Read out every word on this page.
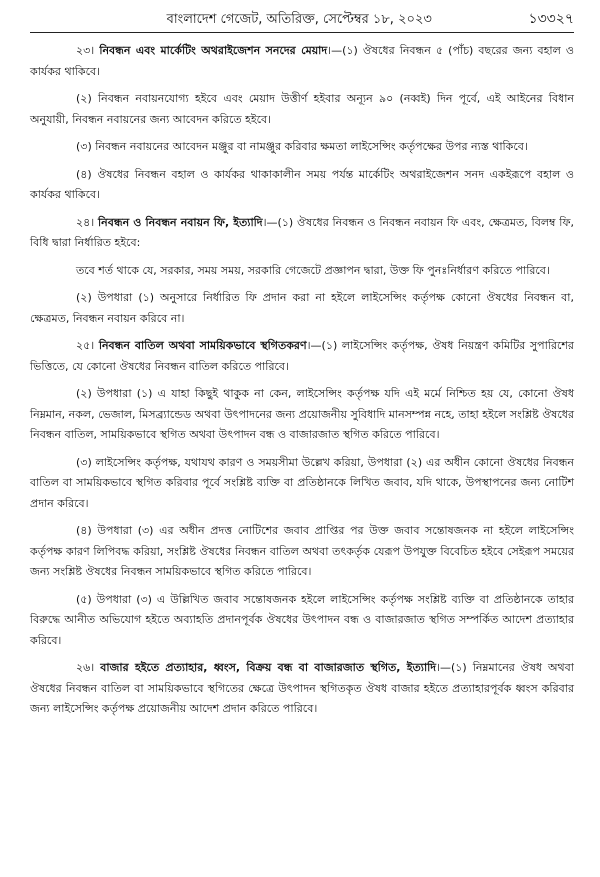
বাংলাদেশ গেজেট, অতিরিক্ত, সেপ্টেম্বর ১৮, ২০২৩	১৩৩২৭

২৩। নিবন্ধন এবং মার্কেটিং অথরাইজেশন সনদের মেয়াদ।—(১) ঔষধের নিবন্ধন ৫ (পাঁচ) বছরের জন্য বহাল ও কার্যকর থাকিবে।

(২) নিবন্ধন নবায়নযোগ্য হইবে এবং মেয়াদ উত্তীর্ণ হইবার অন্যূন ৯০ (নব্বই) দিন পূর্বে, এই আইনের বিধান অনুযায়ী, নিবন্ধন নবায়নের জন্য আবেদন করিতে হইবে।

(৩) নিবন্ধন নবায়নের আবেদন মঞ্জুর বা নামঞ্জুর করিবার ক্ষমতা লাইসেন্সিং কর্তৃপক্ষের উপর ন্যস্ত থাকিবে।

(৪) ঔষধের নিবন্ধন বহাল ও কার্যকর থাকাকালীন সময় পর্যন্ত মার্কেটিং অথরাইজেশন সনদ একইরূপে বহাল ও কার্যকর থাকিবে।

২৪। নিবন্ধন ও নিবন্ধন নবায়ন ফি, ইত্যাদি।—(১) ঔষধের নিবন্ধন ও নিবন্ধন নবায়ন ফি এবং, ক্ষেত্রমত, বিলম্ব ফি, বিধি দ্বারা নির্ধারিত হইবে:

তবে শর্ত থাকে যে, সরকার, সময় সময়, সরকারি গেজেটে প্রজ্ঞাপন দ্বারা, উক্ত ফি পুনঃনির্ধারণ করিতে পারিবে।

(২) উপধারা (১) অনুসারে নির্ধারিত ফি প্রদান করা না হইলে লাইসেন্সিং কর্তৃপক্ষ কোনো ঔষধের নিবন্ধন বা, ক্ষেত্রমত, নিবন্ধন নবায়ন করিবে না।

২৫। নিবন্ধন বাতিল অথবা সাময়িকভাবে স্থগিতকরণ।—(১) লাইসেন্সিং কর্তৃপক্ষ, ঔষধ নিয়ন্ত্রণ কমিটির সুপারিশের ভিত্তিতে, যে কোনো ঔষধের নিবন্ধন বাতিল করিতে পারিবে।

(২) উপধারা (১) এ যাহা কিছুই থাকুক না কেন, লাইসেন্সিং কর্তৃপক্ষ যদি এই মর্মে নিশ্চিত হয় যে, কোনো ঔষধ নিম্নমান, নকল, ভেজাল, মিসব্র্যান্ডেড অথবা উৎপাদনের জন্য প্রয়োজনীয় সুবিধাদি মানসম্পন্ন নহে, তাহা হইলে সংশ্লিষ্ট ঔষধের নিবন্ধন বাতিল, সাময়িকভাবে স্থগিত অথবা উৎপাদন বন্ধ ও বাজারজাত স্থগিত করিতে পারিবে।

(৩) লাইসেন্সিং কর্তৃপক্ষ, যথাযথ কারণ ও সময়সীমা উল্লেখ করিয়া, উপধারা (২) এর অধীন কোনো ঔষধের নিবন্ধন বাতিল বা সাময়িকভাবে স্থগিত করিবার পূর্বে সংশ্লিষ্ট ব্যক্তি বা প্রতিষ্ঠানকে লিখিত জবাব, যদি থাকে, উপস্থাপনের জন্য নোটিশ প্রদান করিবে।

(৪) উপধারা (৩) এর অধীন প্রদত্ত নোটিশের জবাব প্রাপ্তির পর উক্ত জবাব সন্তোষজনক না হইলে লাইসেন্সিং কর্তৃপক্ষ কারণ লিপিবদ্ধ করিয়া, সংশ্লিষ্ট ঔষধের নিবন্ধন বাতিল অথবা তৎকর্তৃক যেরূপ উপযুক্ত বিবেচিত হইবে সেইরূপ সময়ের জন্য সংশ্লিষ্ট ঔষধের নিবন্ধন সাময়িকভাবে স্থগিত করিতে পারিবে।

(৫) উপধারা (৩) এ উল্লিখিত জবাব সন্তোষজনক হইলে লাইসেন্সিং কর্তৃপক্ষ সংশ্লিষ্ট ব্যক্তি বা প্রতিষ্ঠানকে তাহার বিরুদ্ধে আনীত অভিযোগ হইতে অব্যাহতি প্রদানপূর্বক ঔষধের উৎপাদন বন্ধ ও বাজারজাত স্থগিত সম্পর্কিত আদেশ প্রত্যাহার করিবে।

২৬। বাজার হইতে প্রত্যাহার, ধ্বংস, বিক্রয় বন্ধ বা বাজারজাত স্থগিত, ইত্যাদি।—(১) নিম্নমানের ঔষধ অথবা ঔষধের নিবন্ধন বাতিল বা সাময়িকভাবে স্থগিতের ক্ষেত্রে উৎপাদন স্থগিতকৃত ঔষধ বাজার হইতে প্রত্যাহারপূর্বক ধ্বংস করিবার জন্য লাইসেন্সিং কর্তৃপক্ষ প্রয়োজনীয় আদেশ প্রদান করিতে পারিবে।
